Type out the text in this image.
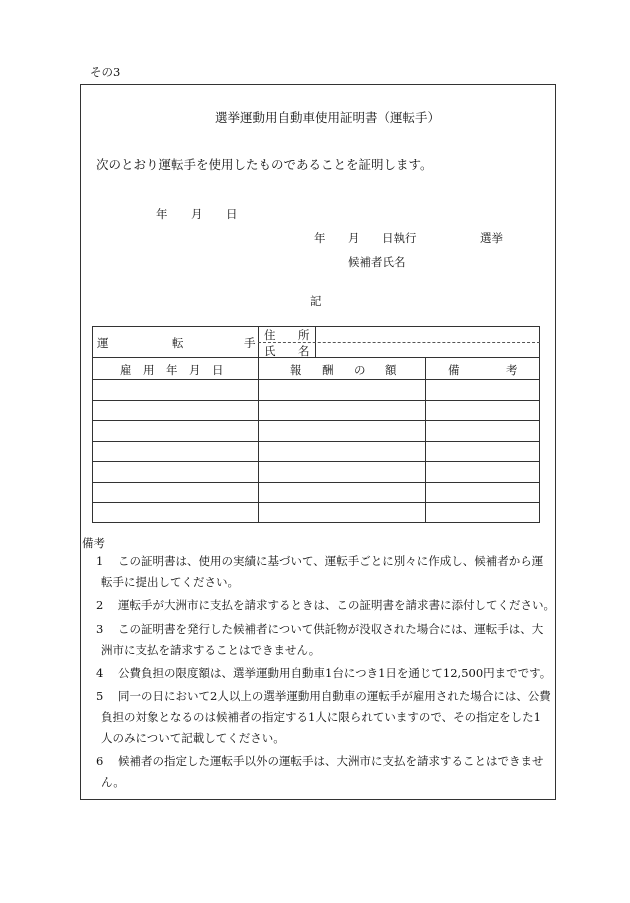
その3
選挙運動用自動車使用証明書（運転手）
次のとおり運転手を使用したものであることを証明します。
年 月 日
年 月 日執行	選挙
候補者氏名
記
運	転	手
住 所
氏 名
雇 用 年 月 日	報 酬 の 額	備	考
備考
1 この証明書は、使用の実績に基づいて、運転手ごとに別々に作成し、候補者から運
転手に提出してください。
2 運転手が大洲市に支払を請求するときは、この証明書を請求書に添付してください。
3 この証明書を発行した候補者について供託物が没収された場合には、運転手は、大
洲市に支払を請求することはできません。
4 公費負担の限度額は、選挙運動用自動車1台につき1日を通じて12,500円までです。
5 同一の日において2人以上の選挙運動用自動車の運転手が雇用された場合には、公費
負担の対象となるのは候補者の指定する1人に限られていますので、その指定をした1
人のみについて記載してください。
6 候補者の指定した運転手以外の運転手は、大洲市に支払を請求することはできませ
ん。
